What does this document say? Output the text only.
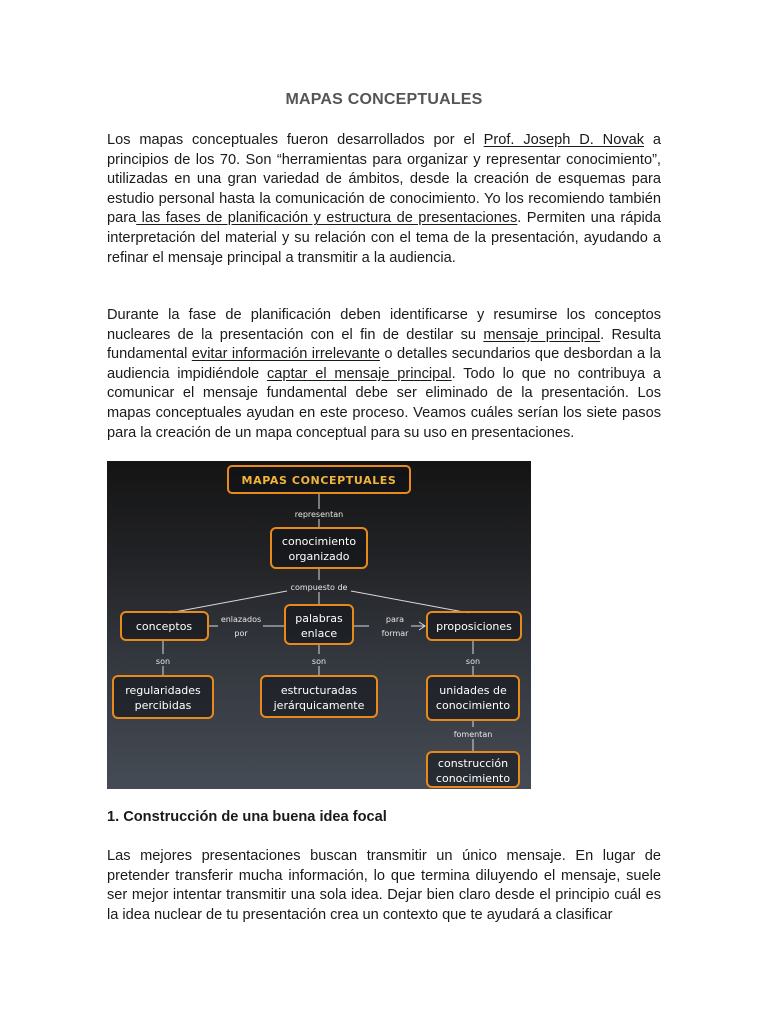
MAPAS CONCEPTUALES

Los mapas conceptuales fueron desarrollados por el Prof. Joseph D. Novak a principios de los 70. Son “herramientas para organizar y representar conocimiento”, utilizadas en una gran variedad de ámbitos, desde la creación de esquemas para estudio personal hasta la comunicación de conocimiento. Yo los recomiendo también para las fases de planificación y estructura de presentaciones. Permiten una rápida interpretación del material y su relación con el tema de la presentación, ayudando a refinar el mensaje principal a transmitir a la audiencia.

Durante la fase de planificación deben identificarse y resumirse los conceptos nucleares de la presentación con el fin de destilar su mensaje principal. Resulta fundamental evitar información irrelevante o detalles secundarios que desbordan a la audiencia impidiéndole captar el mensaje principal. Todo lo que no contribuya a comunicar el mensaje fundamental debe ser eliminado de la presentación. Los mapas conceptuales ayudan en este proceso. Veamos cuáles serían los siete pasos para la creación de un mapa conceptual para su uso en presentaciones.

MAPAS CONCEPTUALES
conocimiento
organizado
conceptos
palabras
enlace
proposiciones
regularidades
percibidas
estructuradas
jerárquicamente
unidades de
conocimiento
construcción
conocimiento
representan
compuesto de
enlazados
por
para
formar
son	son	son
fomentan
1. Construcción de una buena idea focal

Las mejores presentaciones buscan transmitir un único mensaje. En lugar de pretender transferir mucha información, lo que termina diluyendo el mensaje, suele ser mejor intentar transmitir una sola idea. Dejar bien claro desde el principio cuál es la idea nuclear de tu presentación crea un contexto que te ayudará a clasificar
